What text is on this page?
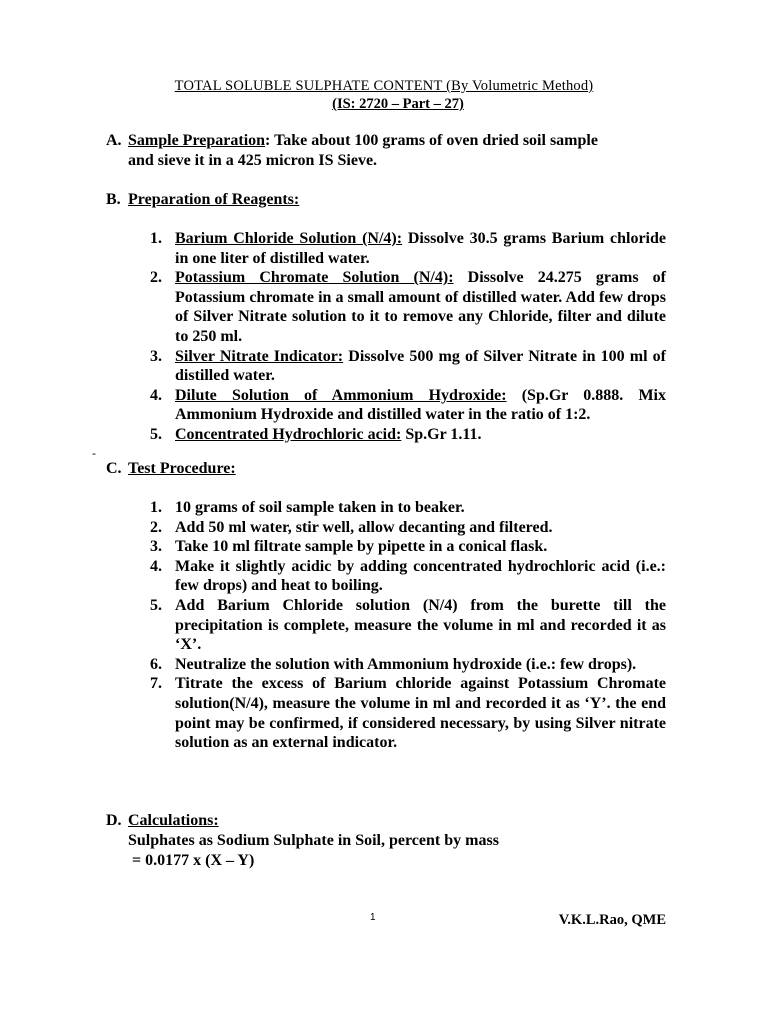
TOTAL SOLUBLE SULPHATE CONTENT (By Volumetric Method)
(IS: 2720 – Part – 27)
A. Sample Preparation: Take about 100 grams of oven dried soil sample
and sieve it in a 425 micron IS Sieve.
B. Preparation of Reagents:
1. Barium Chloride Solution (N/4): Dissolve 30.5 grams Barium chloride in one liter of distilled water.
2. Potassium Chromate Solution (N/4): Dissolve 24.275 grams of Potassium chromate in a small amount of distilled water. Add few drops of Silver Nitrate solution to it to remove any Chloride, filter and dilute to 250 ml.
3. Silver Nitrate Indicator: Dissolve 500 mg of Silver Nitrate in 100 ml of distilled water.
4. Dilute Solution of Ammonium Hydroxide: (Sp.Gr 0.888. Mix Ammonium Hydroxide and distilled water in the ratio of 1:2.
5. Concentrated Hydrochloric acid: Sp.Gr 1.11.
-
C. Test Procedure:
1. 10 grams of soil sample taken in to beaker.
2. Add 50 ml water, stir well, allow decanting and filtered.
3. Take 10 ml filtrate sample by pipette in a conical flask.
4. Make it slightly acidic by adding concentrated hydrochloric acid (i.e.: few drops) and heat to boiling.
5. Add Barium Chloride solution (N/4) from the burette till the precipitation is complete, measure the volume in ml and recorded it as ‘X’.
6. Neutralize the solution with Ammonium hydroxide (i.e.: few drops).
7. Titrate the excess of Barium chloride against Potassium Chromate solution(N/4), measure the volume in ml and recorded it as ‘Y’. the end point may be confirmed, if considered necessary, by using Silver nitrate solution as an external indicator.
D. Calculations:
Sulphates as Sodium Sulphate in Soil, percent by mass
= 0.0177 x (X – Y)
1	V.K.L.Rao, QME
